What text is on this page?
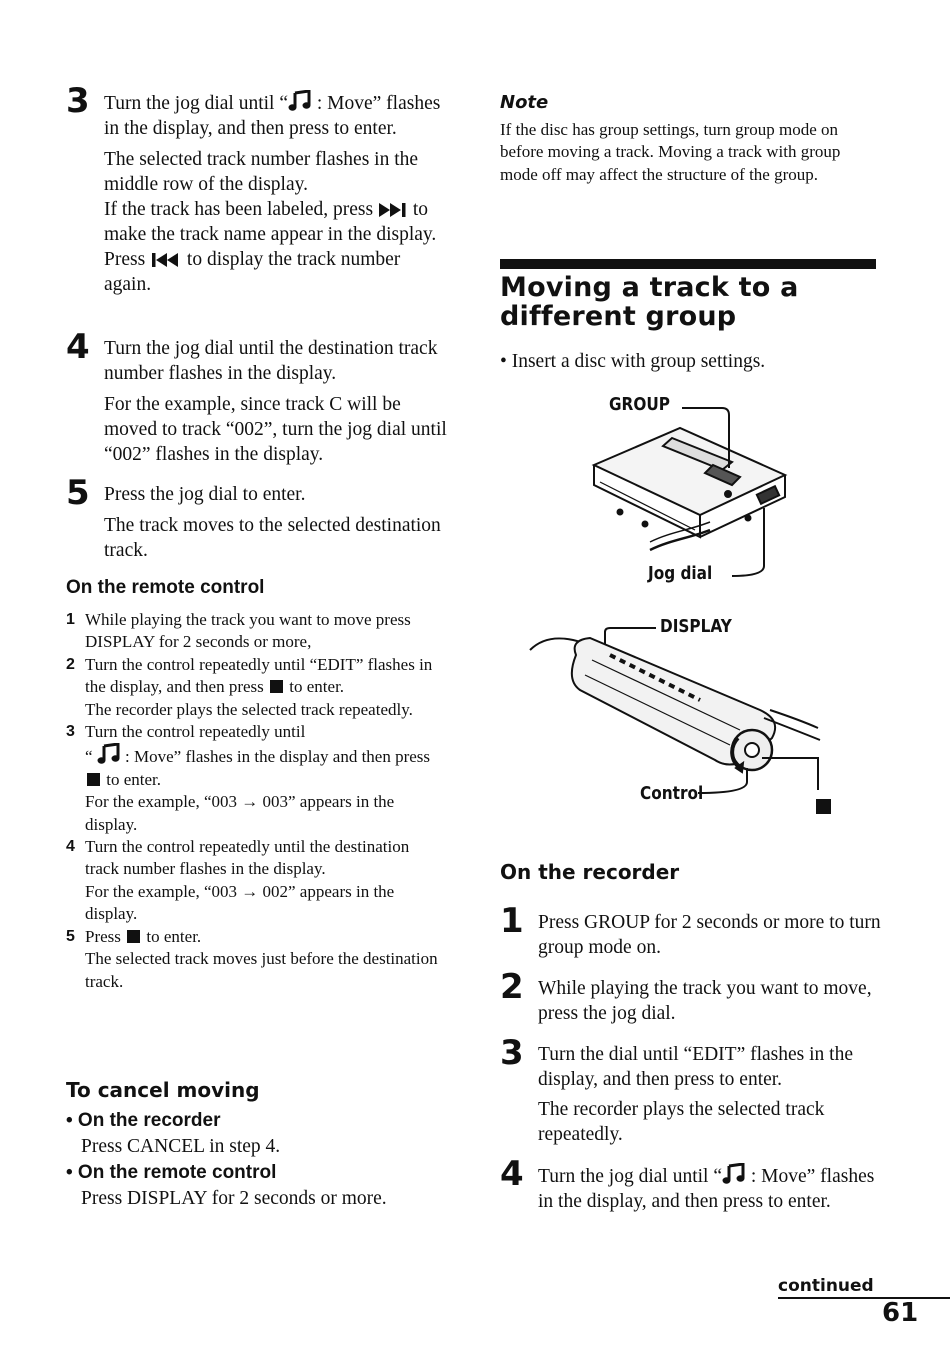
3 Turn the jog dial until “ : Move” flashes in the display, and then press to enter.

The selected track number flashes in the middle row of the display.

If the track has been labeled, press  to make the track name appear in the display. Press  to display the track number again.

4 Turn the jog dial until the destination track number flashes in the display.

For the example, since track C will be moved to track “002”, turn the jog dial until “002” flashes in the display.

5 Press the jog dial to enter.

The track moves to the selected destination track.

On the remote control
1 While playing the track you want to move press DISPLAY for 2 seconds or more,
2 Turn the control repeatedly until “EDIT” flashes in the display, and then press  to enter.
The recorder plays the selected track repeatedly.
3 Turn the control repeatedly until
“  : Move” flashes in the display and then press  to enter.
For the example, “003 → 003” appears in the display.
4 Turn the control repeatedly until the destination track number flashes in the display.
For the example, “003 → 002” appears in the display.
5 Press  to enter.
The selected track moves just before the destination track.
To cancel moving
• On the recorder
Press CANCEL in step 4.
• On the remote control
Press DISPLAY for 2 seconds or more.
Note
If the disc has group settings, turn group mode on before moving a track. Moving a track with group mode off may affect the structure of the group.
Moving a track to a
different group
• Insert a disc with group settings.
GROUP
Jog dial
DISPLAY
Control
On the recorder
1 Press GROUP for 2 seconds or more to turn group mode on.

2 While playing the track you want to move, press the jog dial.

3 Turn the dial until “EDIT” flashes in the display, and then press to enter.

The recorder plays the selected track repeatedly.

4 Turn the jog dial until “ : Move” flashes in the display, and then press to enter.

continued
61
